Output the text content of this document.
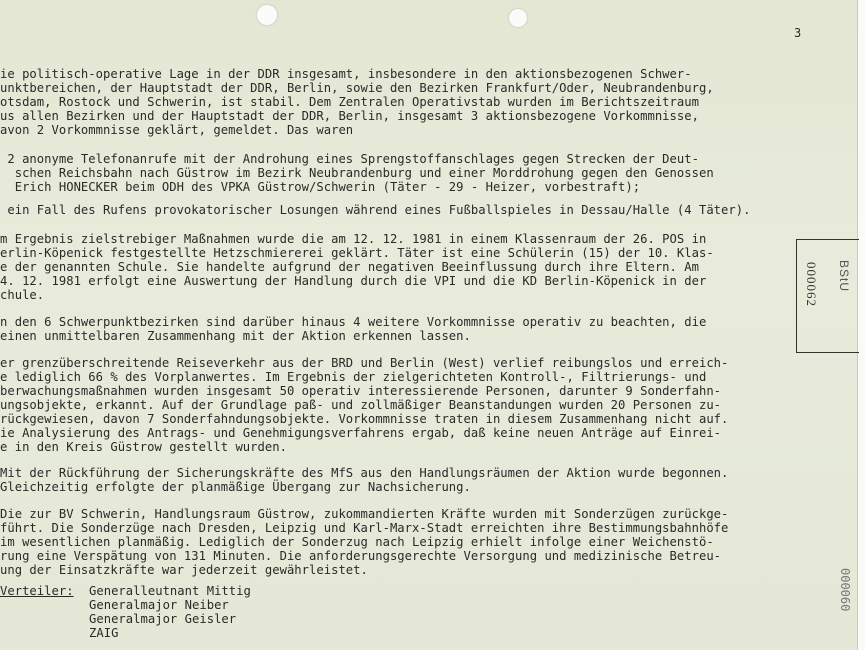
3
ie politisch-operative Lage in der DDR insgesamt, insbesondere in den aktionsbezogenen Schwer-
unktbereichen, der Hauptstadt der DDR, Berlin, sowie den Bezirken Frankfurt/Oder, Neubrandenburg,
otsdam, Rostock und Schwerin, ist stabil. Dem Zentralen Operativstab wurden im Berichtszeitraum
us allen Bezirken und der Hauptstadt der DDR, Berlin, insgesamt 3 aktionsbezogene Vorkommnisse,
avon 2 Vorkommnisse geklärt, gemeldet. Das waren
2 anonyme Telefonanrufe mit der Androhung eines Sprengstoffanschlages gegen Strecken der Deut-
schen Reichsbahn nach Güstrow im Bezirk Neubrandenburg und einer Morddrohung gegen den Genossen
Erich HONECKER beim ODH des VPKA Güstrow/Schwerin (Täter - 29 - Heizer, vorbestraft);
ein Fall des Rufens provokatorischer Losungen während eines Fußballspieles in Dessau/Halle (4 Täter).
m Ergebnis zielstrebiger Maßnahmen wurde die am 12. 12. 1981 in einem Klassenraum der 26. POS in
erlin-Köpenick festgestellte Hetzschmiererei geklärt. Täter ist eine Schülerin (15) der 10. Klas-
e der genannten Schule. Sie handelte aufgrund der negativen Beeinflussung durch ihre Eltern. Am
4. 12. 1981 erfolgt eine Auswertung der Handlung durch die VPI und die KD Berlin-Köpenick in der
chule.
n den 6 Schwerpunktbezirken sind darüber hinaus 4 weitere Vorkommnisse operativ zu beachten, die
einen unmittelbaren Zusammenhang mit der Aktion erkennen lassen.
er grenzüberschreitende Reiseverkehr aus der BRD und Berlin (West) verlief reibungslos und erreich-
e lediglich 66 % des Vorplanwertes. Im Ergebnis der zielgerichteten Kontroll-, Filtrierungs- und
berwachungsmaßnahmen wurden insgesamt 50 operativ interessierende Personen, darunter 9 Sonderfahn-
ungsobjekte, erkannt. Auf der Grundlage paß- und zollmäßiger Beanstandungen wurden 20 Personen zu-
rückgewiesen, davon 7 Sonderfahndungsobjekte. Vorkommnisse traten in diesem Zusammenhang nicht auf.
ie Analysierung des Antrags- und Genehmigungsverfahrens ergab, daß keine neuen Anträge auf Einrei-
e in den Kreis Güstrow gestellt wurden.
Mit der Rückführung der Sicherungskräfte des MfS aus den Handlungsräumen der Aktion wurde begonnen.
Gleichzeitig erfolgte der planmäßige Übergang zur Nachsicherung.
Die zur BV Schwerin, Handlungsraum Güstrow, zukommandierten Kräfte wurden mit Sonderzügen zurückge-
führt. Die Sonderzüge nach Dresden, Leipzig und Karl-Marx-Stadt erreichten ihre Bestimmungsbahnhöfe
im wesentlichen planmäßig. Lediglich der Sonderzug nach Leipzig erhielt infolge einer Weichenstö-
rung eine Verspätung von 131 Minuten. Die anforderungsgerechte Versorgung und medizinische Betreu-
ung der Einsatzkräfte war jederzeit gewährleistet.
Verteiler: Generalleutnant Mittig
Generalmajor Neiber
Generalmajor Geisler
ZAIG
000062 BStU
000060
